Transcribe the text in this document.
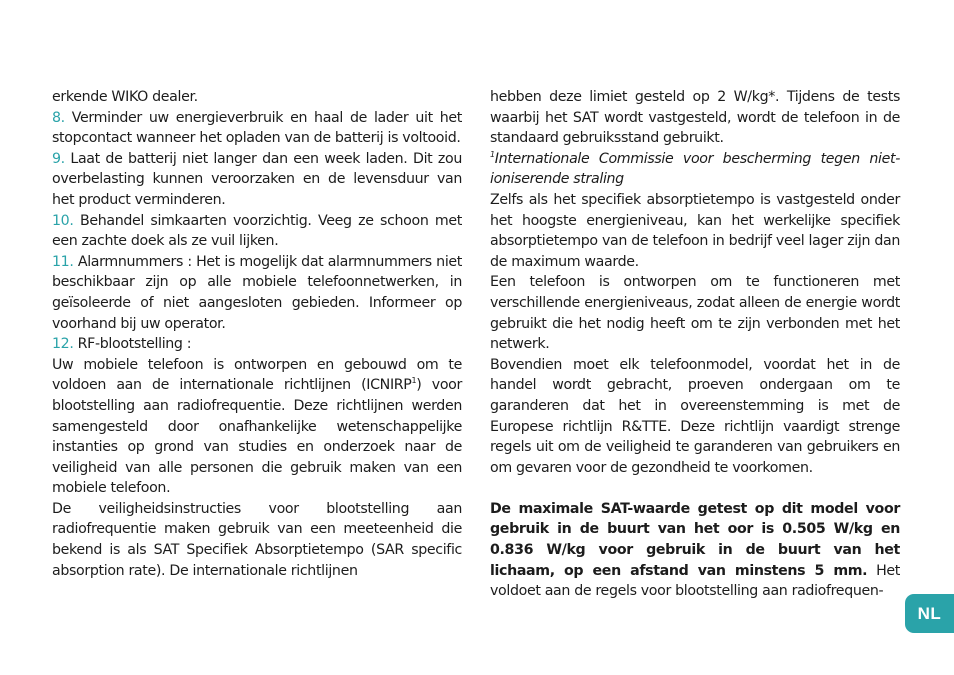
erkende WIKO dealer.

8. Verminder uw energieverbruik en haal de lader uit het stopcontact wanneer het opladen van de batterij is voltooid.

9. Laat de batterij niet langer dan een week laden. Dit zou overbelasting kunnen veroorzaken en de levensduur van het product verminderen.

10. Behandel simkaarten voorzichtig. Veeg ze schoon met een zachte doek als ze vuil lijken.

11. Alarmnummers : Het is mogelijk dat alarmnummers niet beschikbaar zijn op alle mobiele telefoonnetwerken, in geïsoleerde of niet aangesloten gebieden. Informeer op voorhand bij uw operator.

12. RF-blootstelling :

Uw mobiele telefoon is ontworpen en gebouwd om te voldoen aan de internationale richtlijnen (ICNIRP$^1$) voor blootstelling aan radiofrequentie. Deze richtlijnen werden samengesteld door onafhankelijke wetenschappelijke instanties op grond van studies en onderzoek naar de veiligheid van alle personen die gebruik maken van een mobiele telefoon.

De veiligheidsinstructies voor blootstelling aan radiofrequentie maken gebruik van een meeteenheid die bekend is als SAT Specifiek Absorptietempo (SAR specific absorption rate). De internationale richtlijnen

hebben deze limiet gesteld op 2 W/kg*. Tijdens de tests waarbij het SAT wordt vastgesteld, wordt de telefoon in de standaard gebruiksstand gebruikt.

$^1$Internationale Commissie voor bescherming tegen niet-ioniserende straling

Zelfs als het specifiek absorptietempo is vastgesteld onder het hoogste energieniveau, kan het werkelijke specifiek absorptietempo van de telefoon in bedrijf veel lager zijn dan de maximum waarde.

Een telefoon is ontworpen om te functioneren met verschillende energieniveaus, zodat alleen de energie wordt gebruikt die het nodig heeft om te zijn verbonden met het netwerk.

Bovendien moet elk telefoonmodel, voordat het in de handel wordt gebracht, proeven ondergaan om te garanderen dat het in overeenstemming is met de Europese richtlijn R&TTE. Deze richtlijn vaardigt strenge regels uit om de veiligheid te garanderen van gebruikers en om gevaren voor de gezondheid te voorkomen.

De maximale SAT-waarde getest op dit model voor gebruik in de buurt van het oor is 0.505 W/kg en 0.836 W/kg voor gebruik in de buurt van het lichaam, op een afstand van minstens 5 mm. Het voldoet aan de regels voor blootstelling aan radiofrequen-

NL
